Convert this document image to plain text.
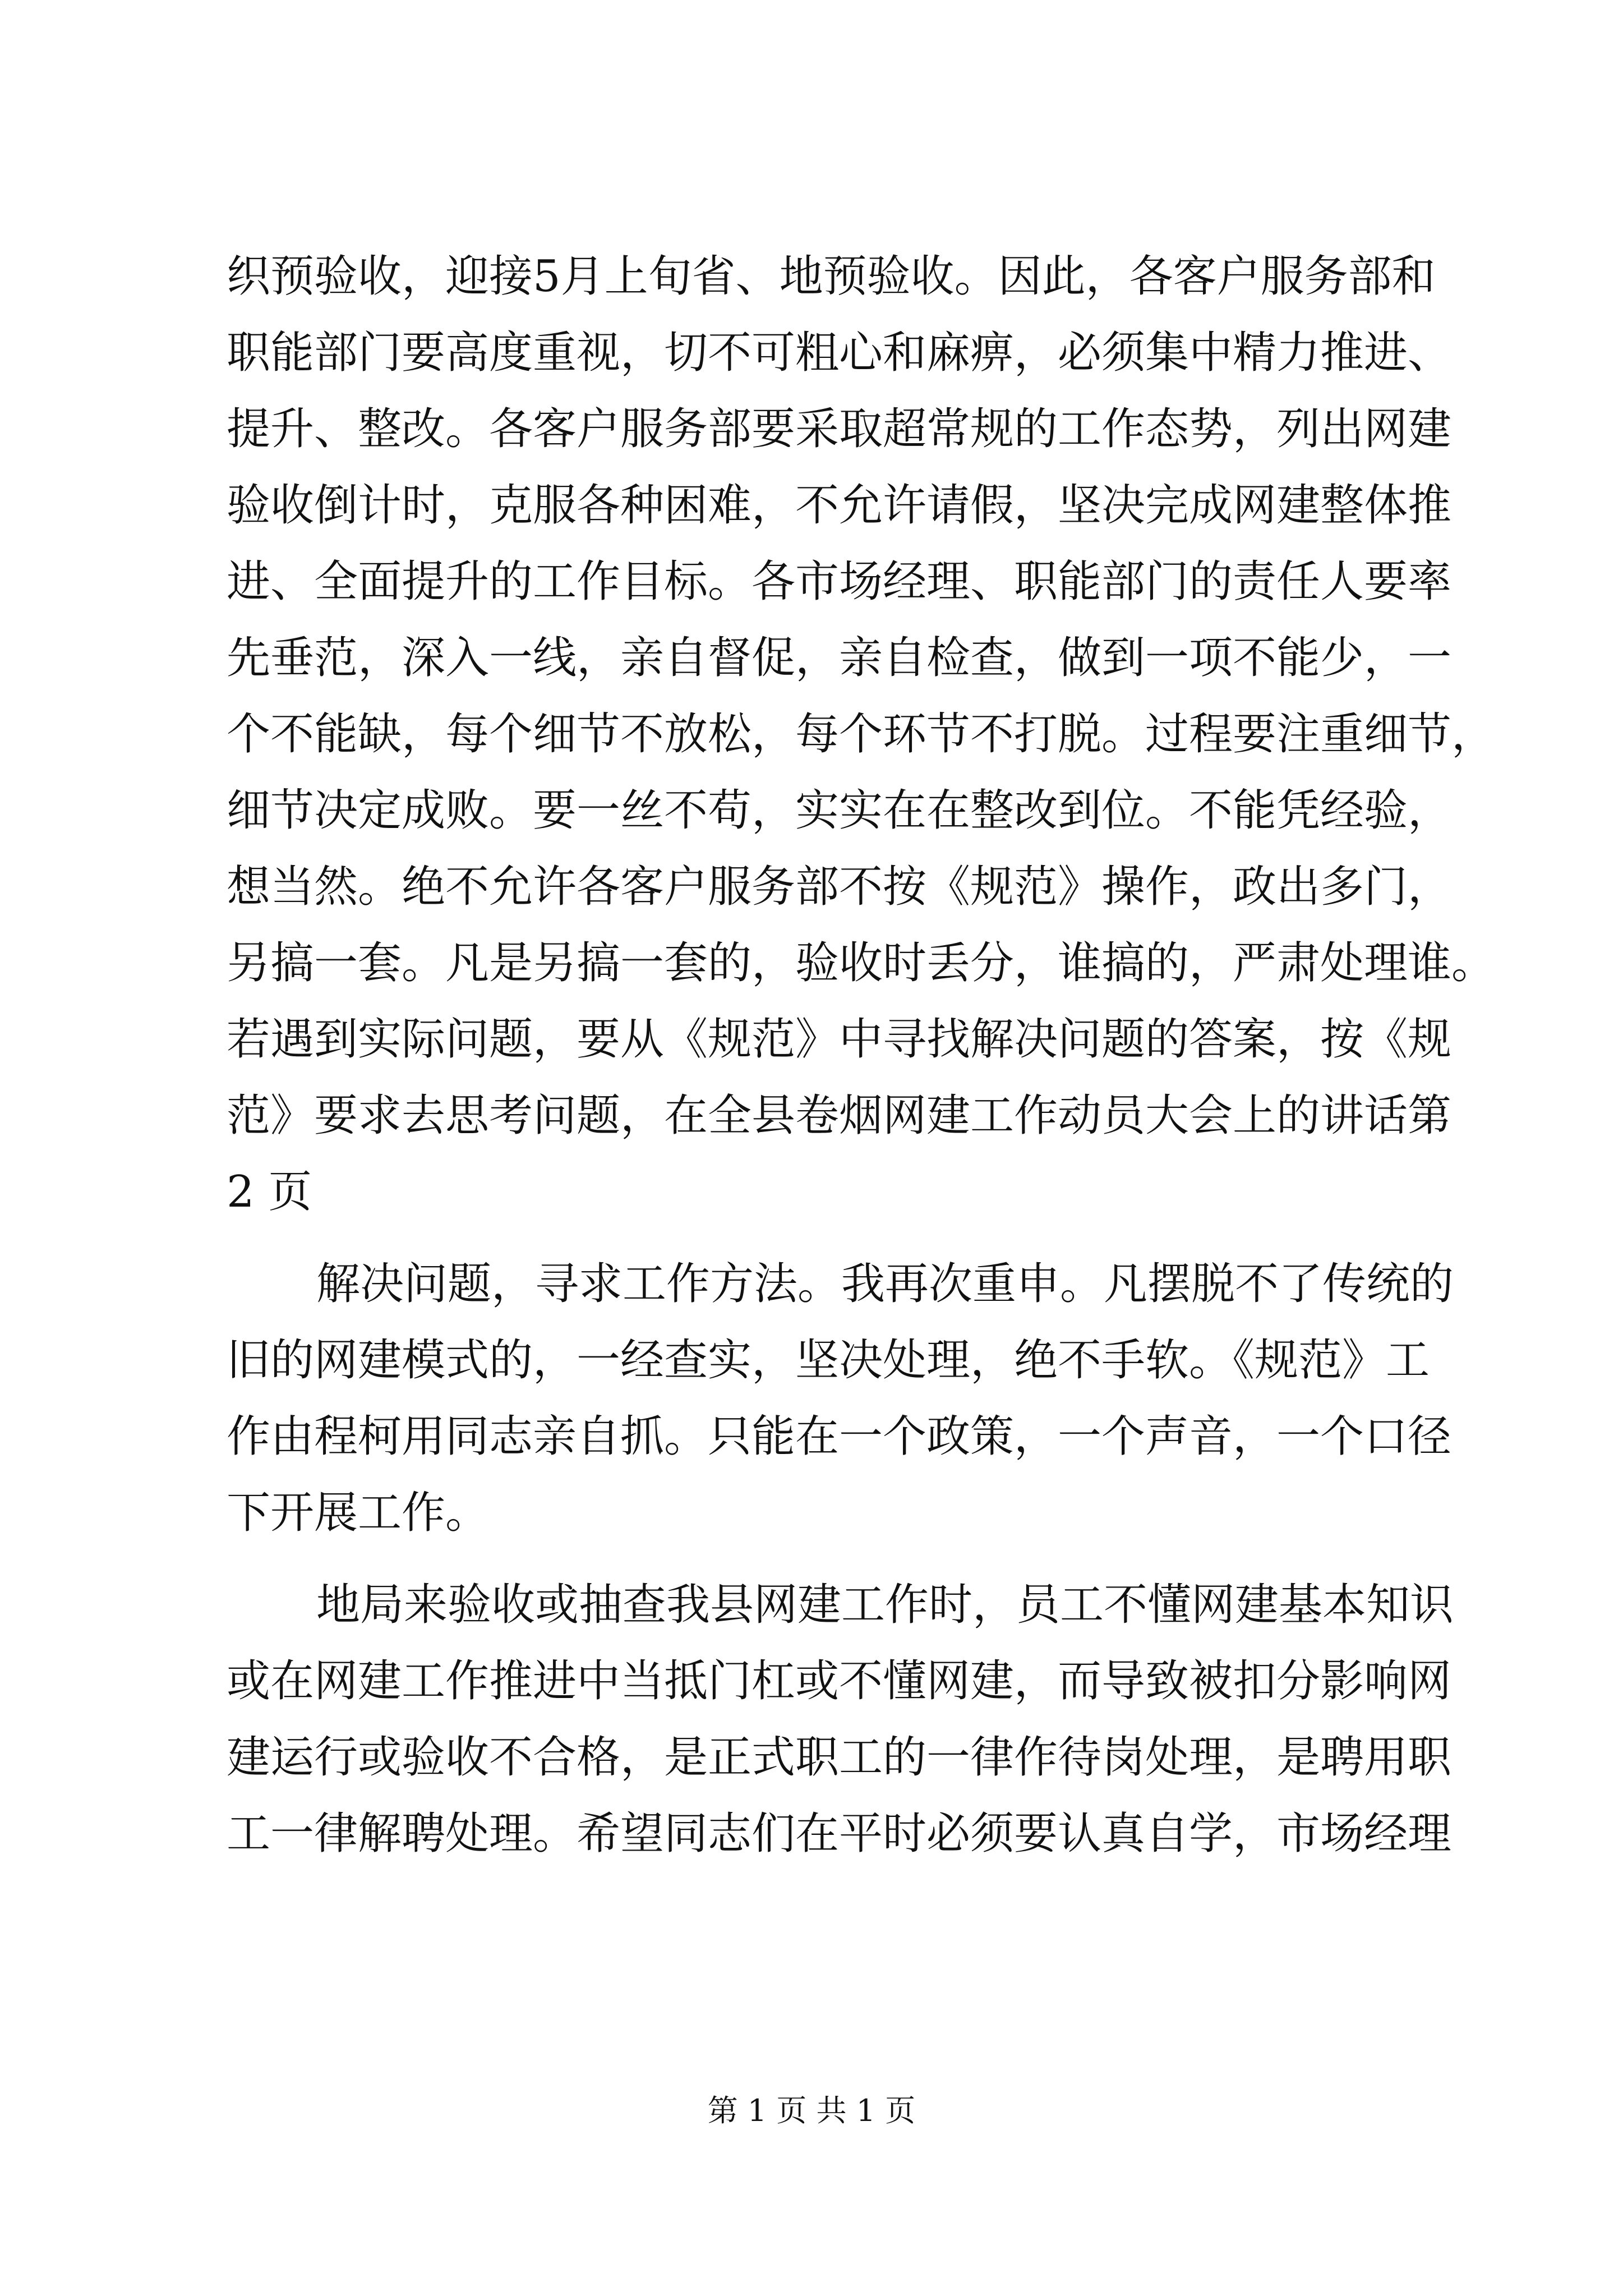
织预验收，迎接5月上旬省、地预验收。因此，各客户服务部和
职能部门要高度重视，切不可粗心和麻痹，必须集中精力推进、
提升、整改。各客户服务部要采取超常规的工作态势，列出网建
验收倒计时，克服各种困难，不允许请假，坚决完成网建整体推
进、全面提升的工作目标。各市场经理、职能部门的责任人要率
先垂范，深入一线，亲自督促，亲自检查，做到一项不能少，一
个不能缺，每个细节不放松，每个环节不打脱。过程要注重细节，
细节决定成败。要一丝不苟，实实在在整改到位。不能凭经验，
想当然。绝不允许各客户服务部不按《规范》操作，政出多门，
另搞一套。凡是另搞一套的，验收时丢分，谁搞的，严肃处理谁。
若遇到实际问题，要从《规范》中寻找解决问题的答案，按《规
范》要求去思考问题，在全县卷烟网建工作动员大会上的讲话第
2 页
解决问题，寻求工作方法。我再次重申。凡摆脱不了传统的
旧的网建模式的，一经查实，坚决处理，绝不手软。《规范》工
作由程柯用同志亲自抓。只能在一个政策，一个声音，一个口径
下开展工作。
地局来验收或抽查我县网建工作时，员工不懂网建基本知识
或在网建工作推进中当抵门杠或不懂网建，而导致被扣分影响网
建运行或验收不合格，是正式职工的一律作待岗处理，是聘用职
工一律解聘处理。希望同志们在平时必须要认真自学，市场经理
第 1 页 共 1 页
